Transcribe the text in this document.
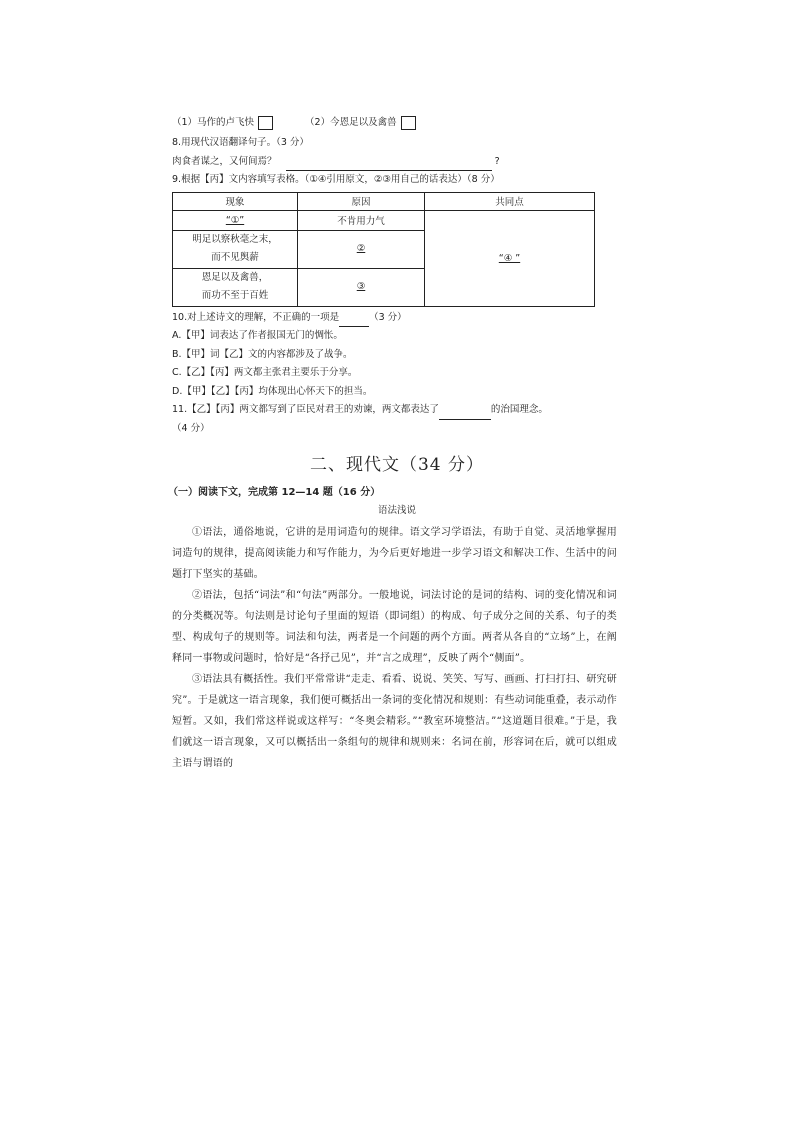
（1）马作的卢飞快	（2）今恩足以及禽兽
8.用现代汉语翻译句子。（3 分）
肉食者谋之，又何间焉？	?
9.根据【丙】文内容填写表格。（①④引用原文，②③用自己的话表达）（8 分）
现象	原因	共同点
“①”	不肯用力气	“④ ”

明足以察秋毫之末，
而不见舆薪	②	

恩足以及禽兽，
而功不至于百姓	③	
10.对上述诗文的理解，不正确的一项是	（3 分）
A.【甲】词表达了作者报国无门的惆怅。
B.【甲】词【乙】文的内容都涉及了战争。
C.【乙】【丙】两文都主张君主要乐于分享。
D.【甲】【乙】【丙】均体现出心怀天下的担当。
11.【乙】【丙】两文都写到了臣民对君王的劝谏，两文都表达了	的治国理念。
（4 分）
二、现代文（34 分）
（一）阅读下文，完成第 12—14 题（16 分）
语法浅说

①语法，通俗地说，它讲的是用词造句的规律。语文学习学语法，有助于自觉、灵活地掌握用词造句的规律，提高阅读能力和写作能力，为今后更好地进一步学习语文和解决工作、生活中的问题打下坚实的基础。

②语法，包括“词法”和“句法”两部分。一般地说，词法讨论的是词的结构、词的变化情况和词的分类概况等。句法则是讨论句子里面的短语（即词组）的构成、句子成分之间的关系、句子的类型、构成句子的规则等。词法和句法，两者是一个问题的两个方面。两者从各自的“立场”上，在阐释同一事物或问题时，恰好是“各抒己见”，并“言之成理”，反映了两个“侧面”。

③语法具有概括性。我们平常常讲“走走、看看、说说、笑笑、写写、画画、打扫打扫、研究研究”。于是就这一语言现象，我们便可概括出一条词的变化情况和规则：有些动词能重叠，表示动作短暂。又如，我们常这样说或这样写：“冬奥会精彩。”“教室环境整洁。”“这道题目很难。”于是，我们就这一语言现象，又可以概括出一条组句的规律和规则来：名词在前，形容词在后，就可以组成主语与谓语的
